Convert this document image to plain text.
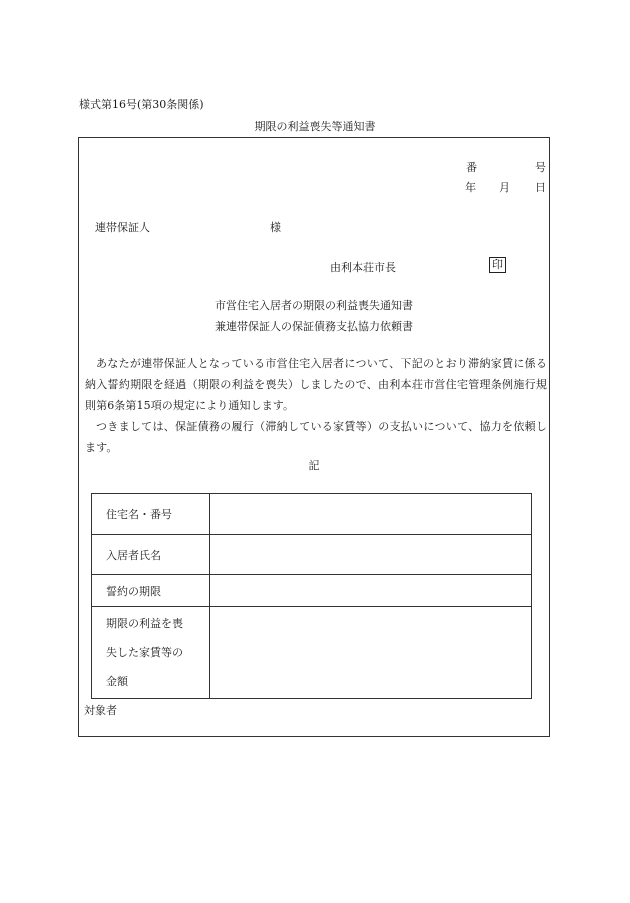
様式第16号(第30条関係)
期限の利益喪失等通知書
番	号
年 月 日
連帯保証人	様
由利本荘市長	印
市営住宅入居者の期限の利益喪失通知書
兼連帯保証人の保証債務支払協力依頼書

あなたが連帯保証人となっている市営住宅入居者について、下記のとおり滞納家賃に係る納入誓約期限を経過（期限の利益を喪失）しましたので、由利本荘市営住宅管理条例施行規則第6条第15項の規定により通知します。

つきましては、保証債務の履行（滞納している家賃等）の支払いについて、協力を依頼します。

記
住宅名・番号	
入居者氏名	
誓約の期限	

期限の利益を喪
失した家賃等の
金額	

対象者
